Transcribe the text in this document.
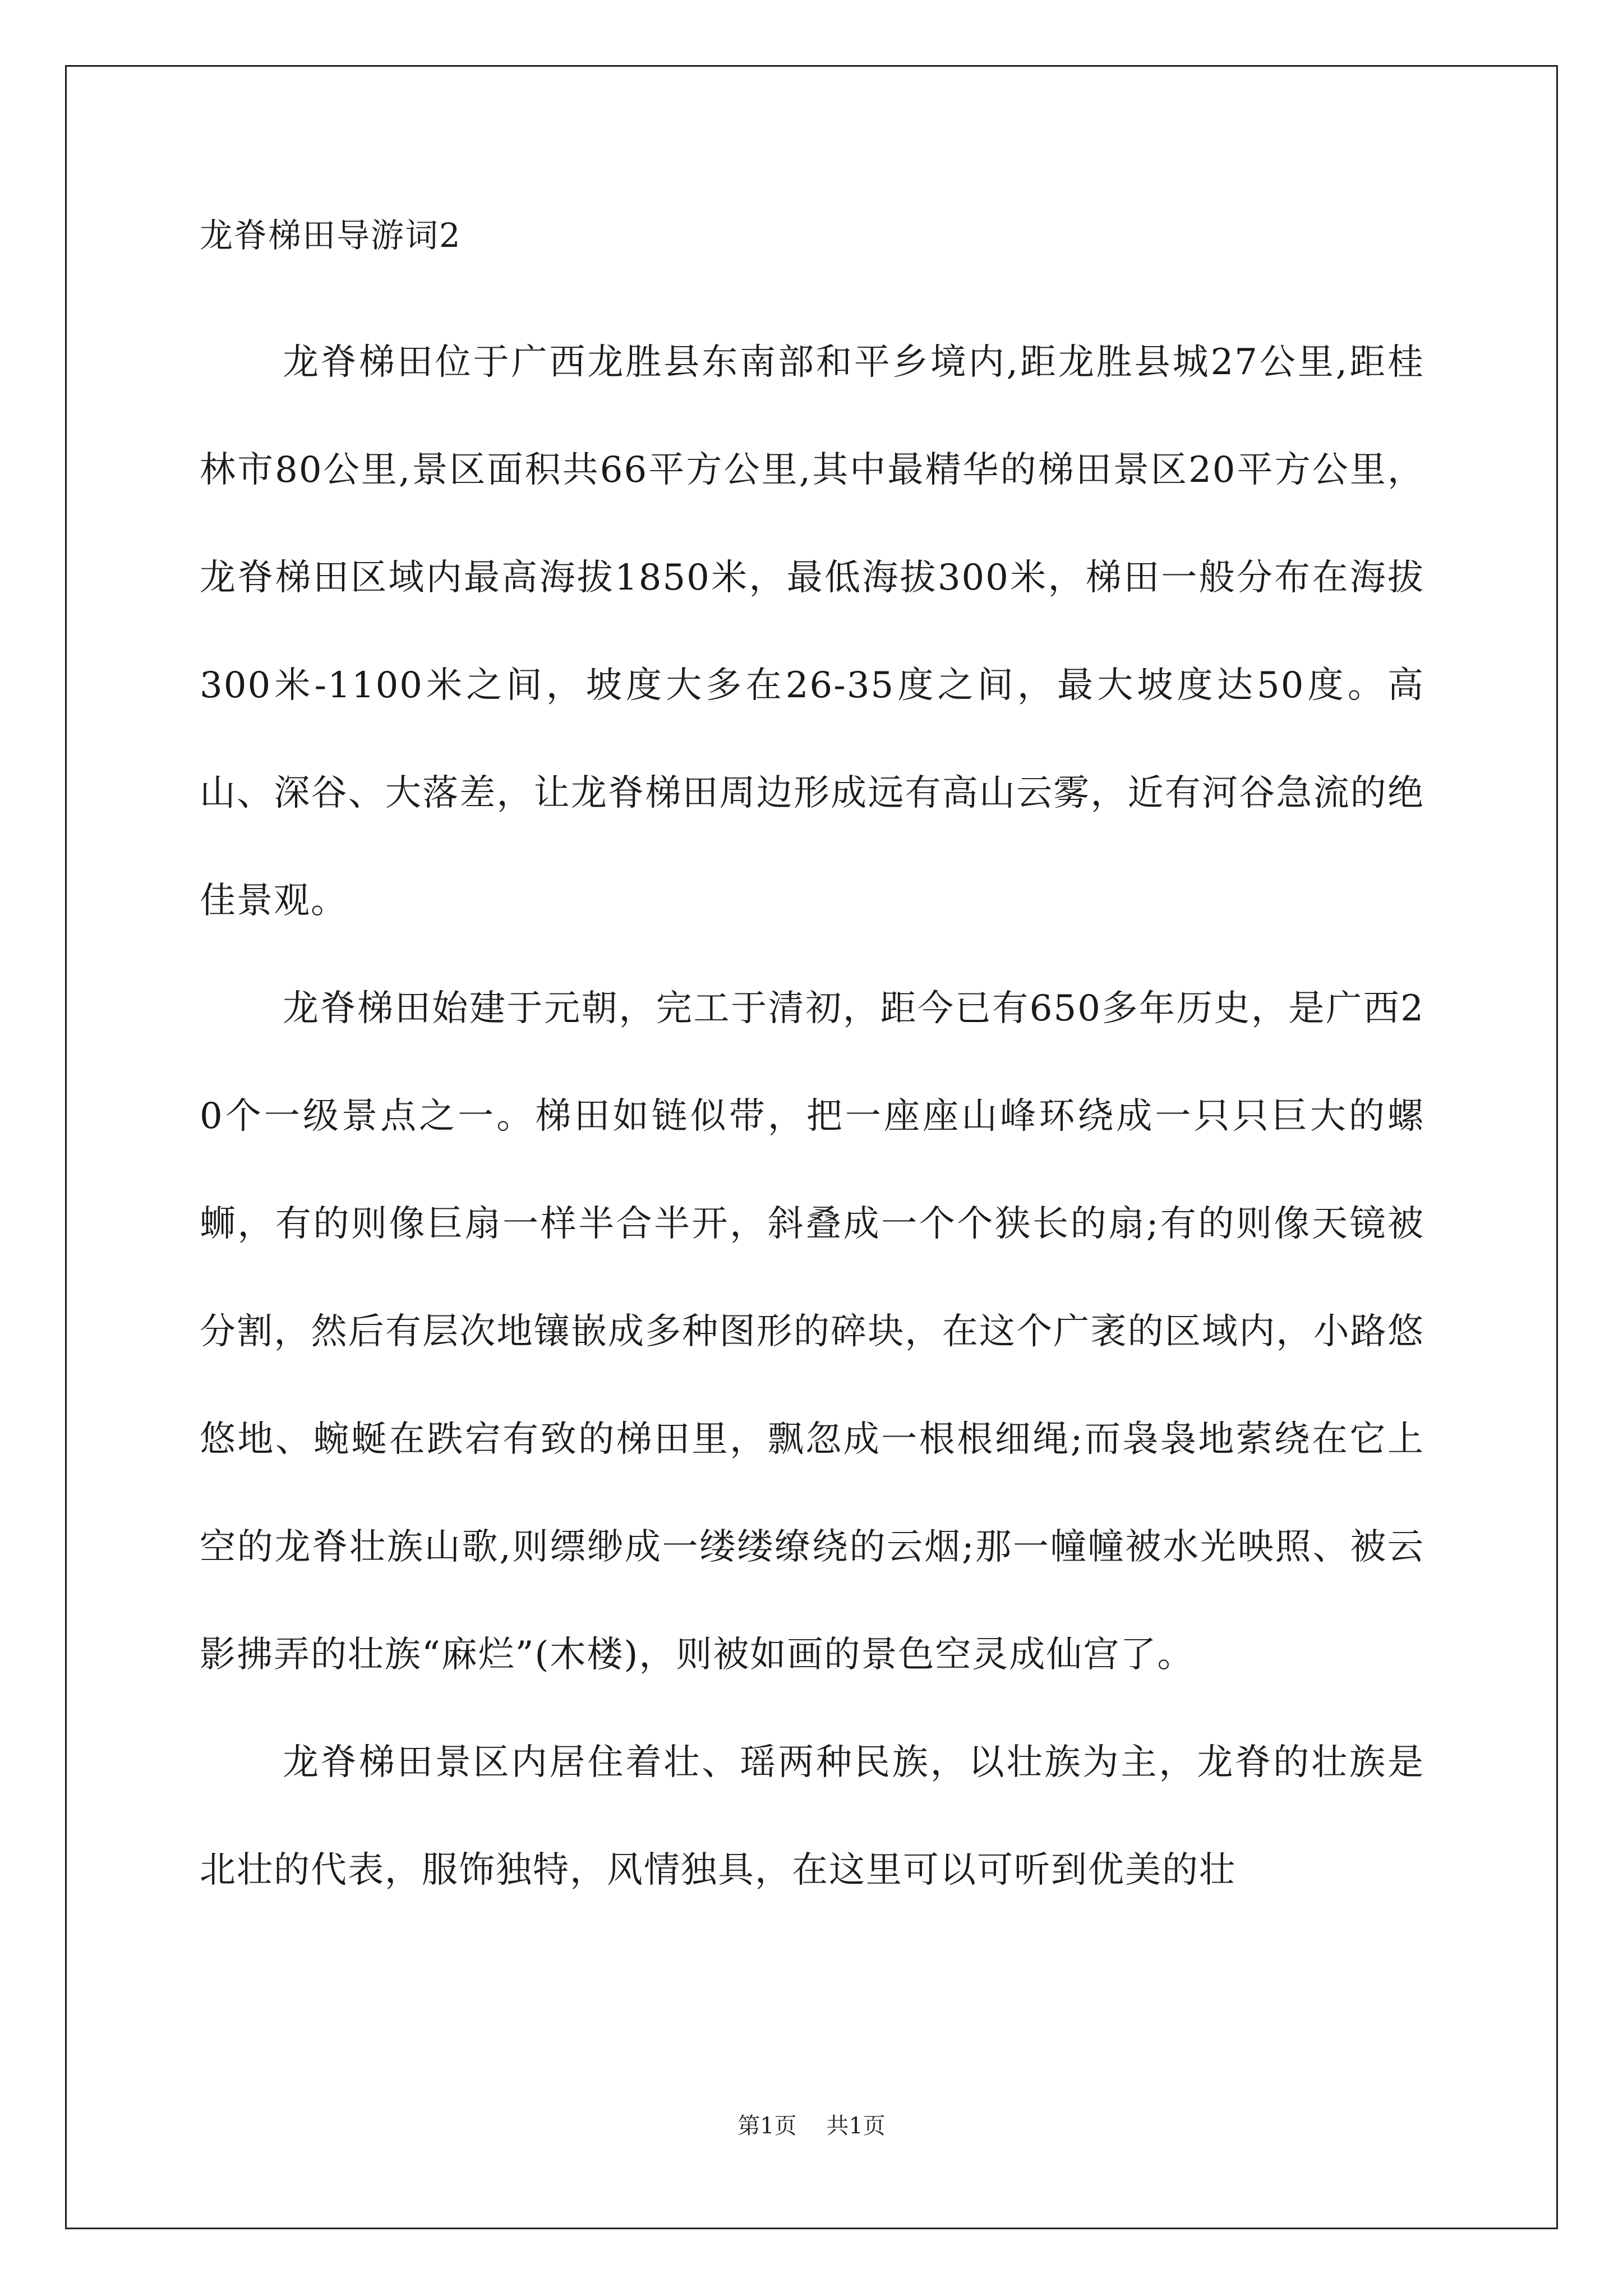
龙脊梯田导游词2

龙脊梯田位于广西龙胜县东南部和平乡境内,距龙胜县城27公里,距桂林市80公里,景区面积共66平方公里,其中最精华的梯田景区20平方公里，龙脊梯田区域内最高海拔1850米，最低海拔300米，梯田一般分布在海拔300米-1100米之间，坡度大多在26-35度之间，最大坡度达50度。高山、深谷、大落差，让龙脊梯田周边形成远有高山云雾，近有河谷急流的绝佳景观。

龙脊梯田始建于元朝，完工于清初，距今已有650多年历史，是广西20个一级景点之一。梯田如链似带，把一座座山峰环绕成一只只巨大的螺蛳，有的则像巨扇一样半合半开，斜叠成一个个狭长的扇;有的则像天镜被分割，然后有层次地镶嵌成多种图形的碎块，在这个广袤的区域内，小路悠悠地、蜿蜒在跌宕有致的梯田里，飘忽成一根根细绳;而袅袅地萦绕在它上空的龙脊壮族山歌,则缥缈成一缕缕缭绕的云烟;那一幢幢被水光映照、被云影拂弄的壮族“麻烂”(木楼)，则被如画的景色空灵成仙宫了。

龙脊梯田景区内居住着壮、瑶两种民族，以壮族为主，龙脊的壮族是北壮的代表，服饰独特，风情独具，在这里可以可听到优美的壮

第1页 共1页
